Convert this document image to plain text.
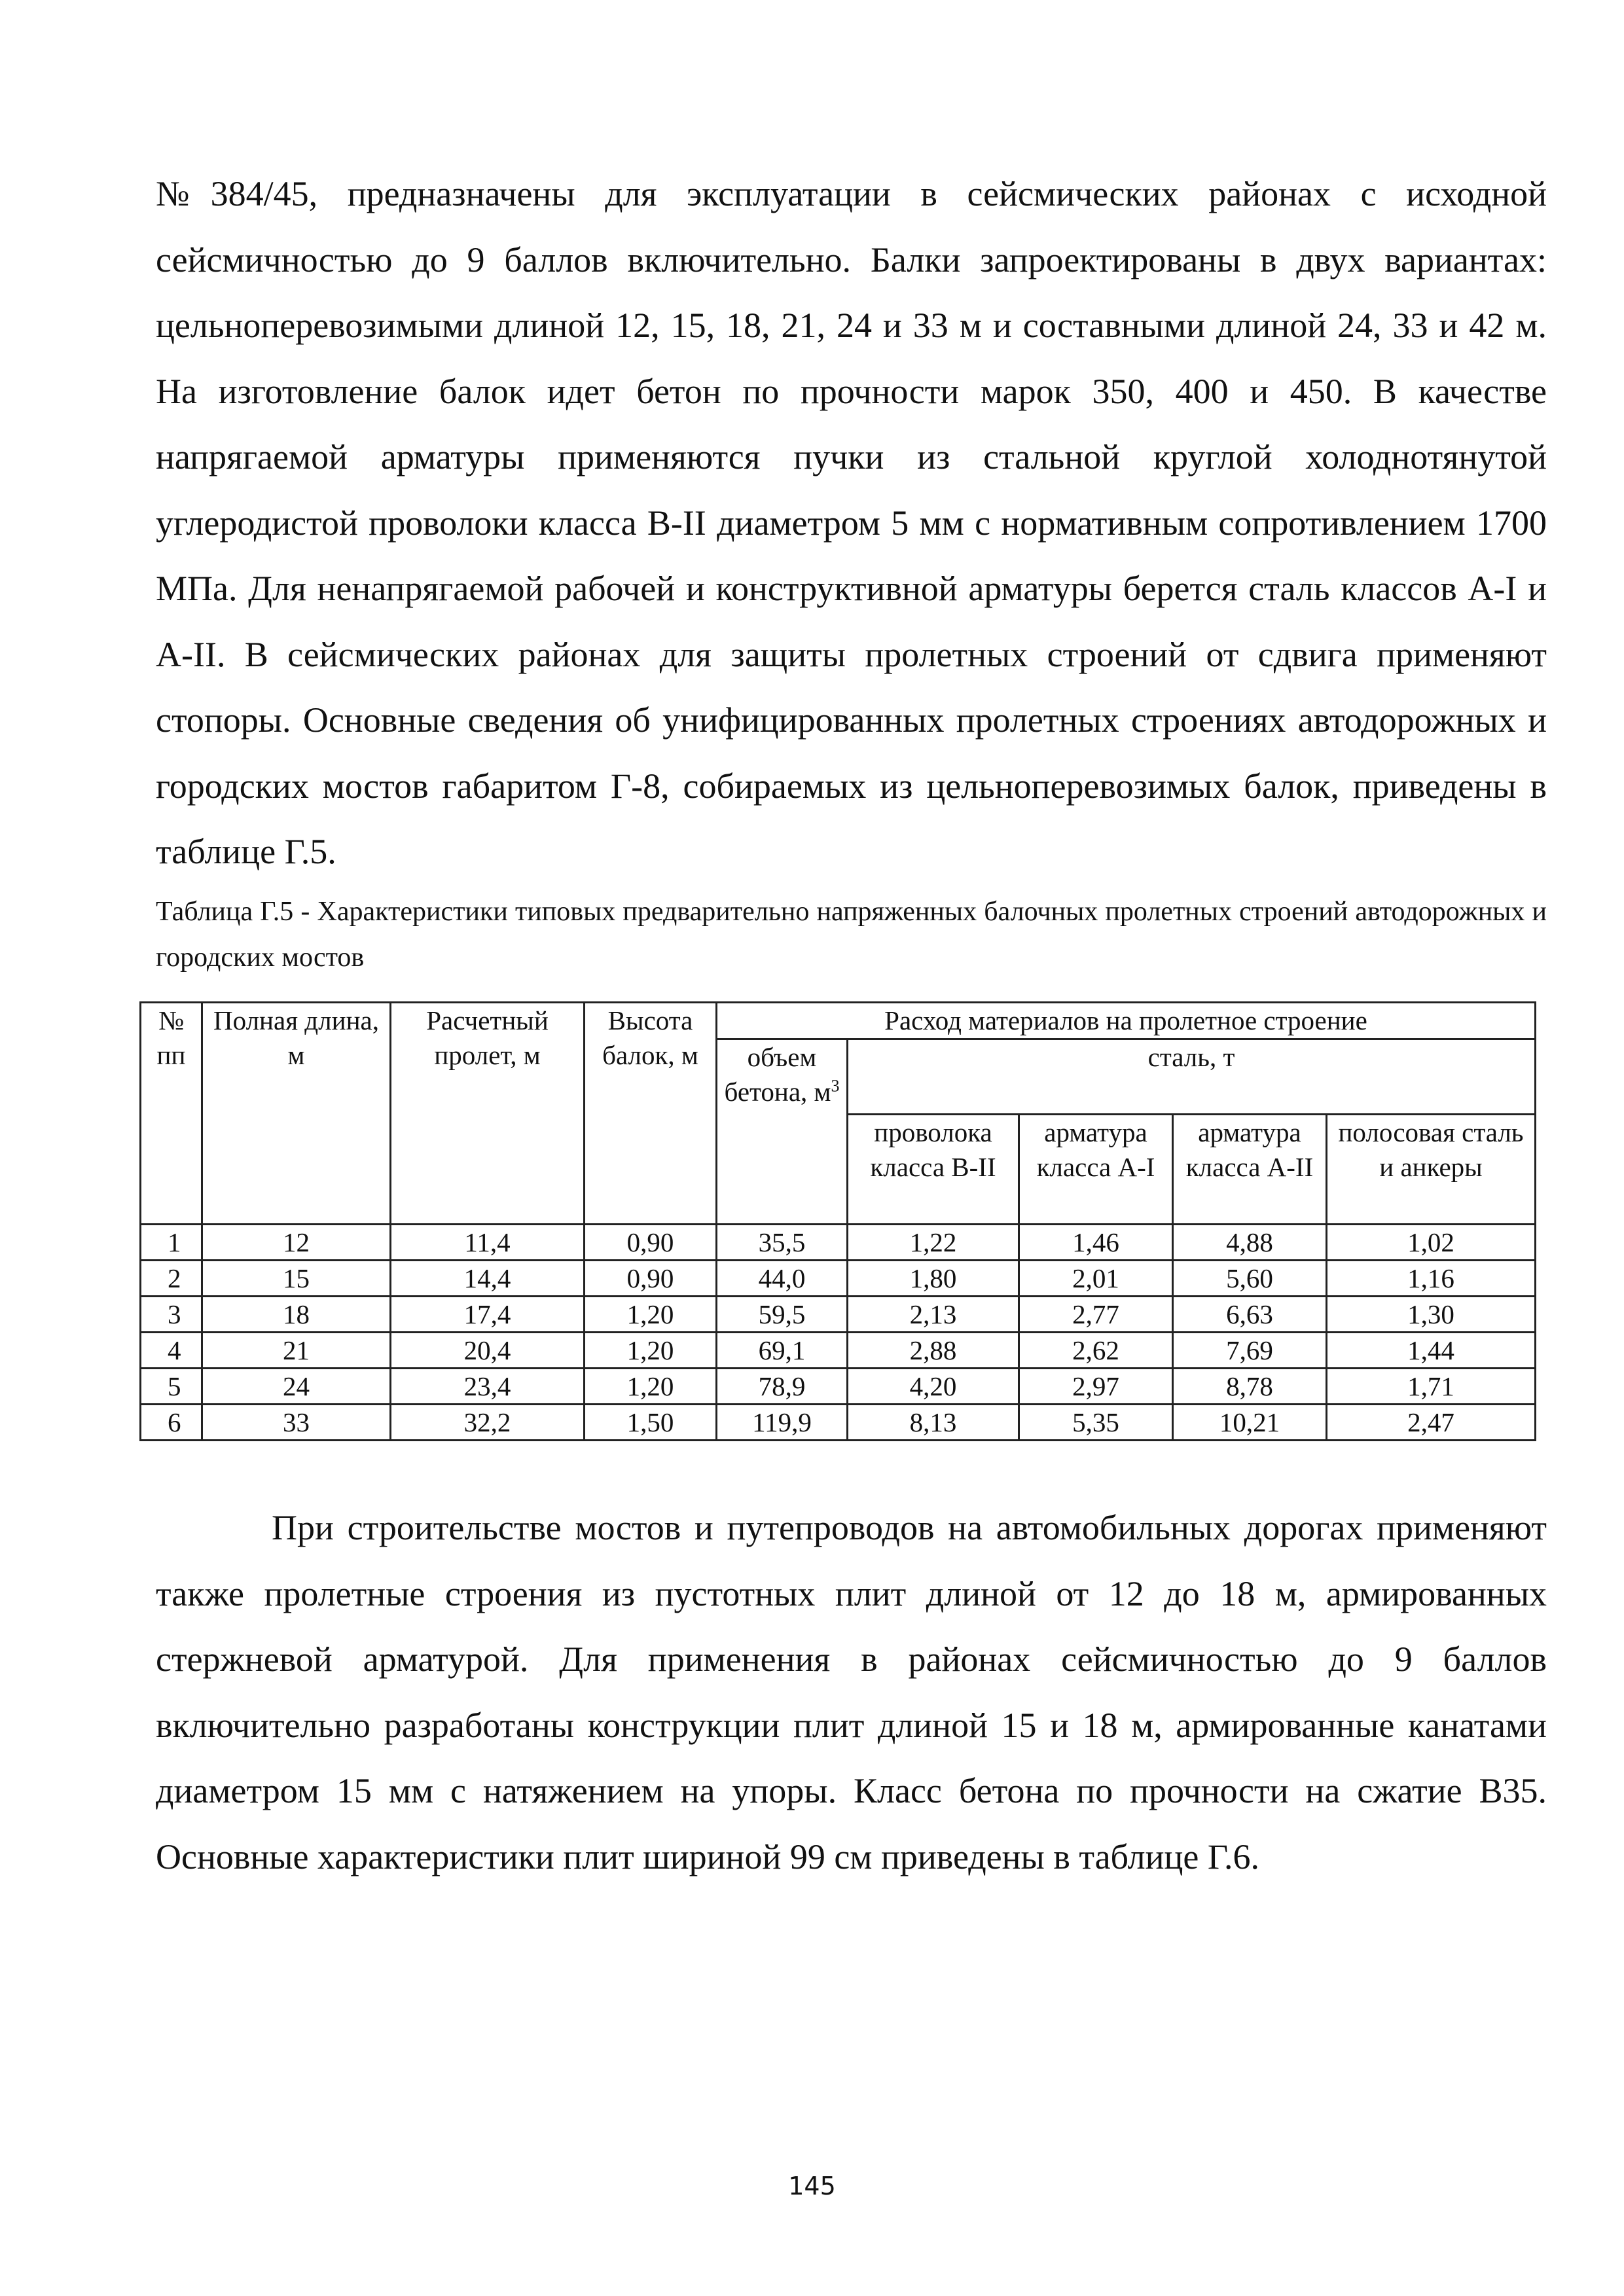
№384/45, предназначены для эксплуатации в сейсмических районах с исходной сейсмичностью до 9 баллов включительно. Балки запроектированы в двух вариантах: цельноперевозимыми длиной 12, 15, 18, 21, 24 и 33 м и составными длиной 24, 33 и 42 м. На изготовление балок идет бетон по прочности марок 350, 400 и 450. В качестве напрягаемой арматуры применяются пучки из стальной круглой холоднотянутой углеродистой проволоки класса В-II диаметром 5 мм с нормативным сопротивлением 1700 МПа. Для ненапрягаемой рабочей и конструктивной арматуры берется сталь классов А-I и А-II. В сейсмических районах для защиты пролетных строений от сдвига применяют стопоры. Основные сведения об унифицированных пролетных строениях автодорожных и городских мостов габаритом Г-8, собираемых из цельноперевозимых балок, приведены в таблице Г.5.

Таблица Г.5 - Характеристики типовых предварительно напряженных балочных пролетных строений автодорожных и городских мостов

№ пп	Полная длина, м	Расчетный пролет, м	Высота балок, м	Расход материалов на пролетное строение				
				объем бетона, $м^3$	сталь, т			
					проволока класса В-II	арматура класса А-I	арматура класса А-II	полосовая сталь и анкеры
1	12	11,4	0,90	35,5	1,22	1,46	4,88	1,02
2	15	14,4	0,90	44,0	1,80	2,01	5,60	1,16
3	18	17,4	1,20	59,5	2,13	2,77	6,63	1,30
4	21	20,4	1,20	69,1	2,88	2,62	7,69	1,44
5	24	23,4	1,20	78,9	4,20	2,97	8,78	1,71
6	33	32,2	1,50	119,9	8,13	5,35	10,21	2,47

При строительстве мостов и путепроводов на автомобильных дорогах применяют также пролетные строения из пустотных плит длиной от 12 до 18 м, армированных стержневой арматурой. Для применения в районах сейсмичностью до 9 баллов включительно разработаны конструкции плит длиной 15 и 18 м, армированные канатами диаметром 15 мм с натяжением на упоры. Класс бетона по прочности на сжатие В35. Основные характеристики плит шириной 99 см приведены в таблице Г.6.

145
